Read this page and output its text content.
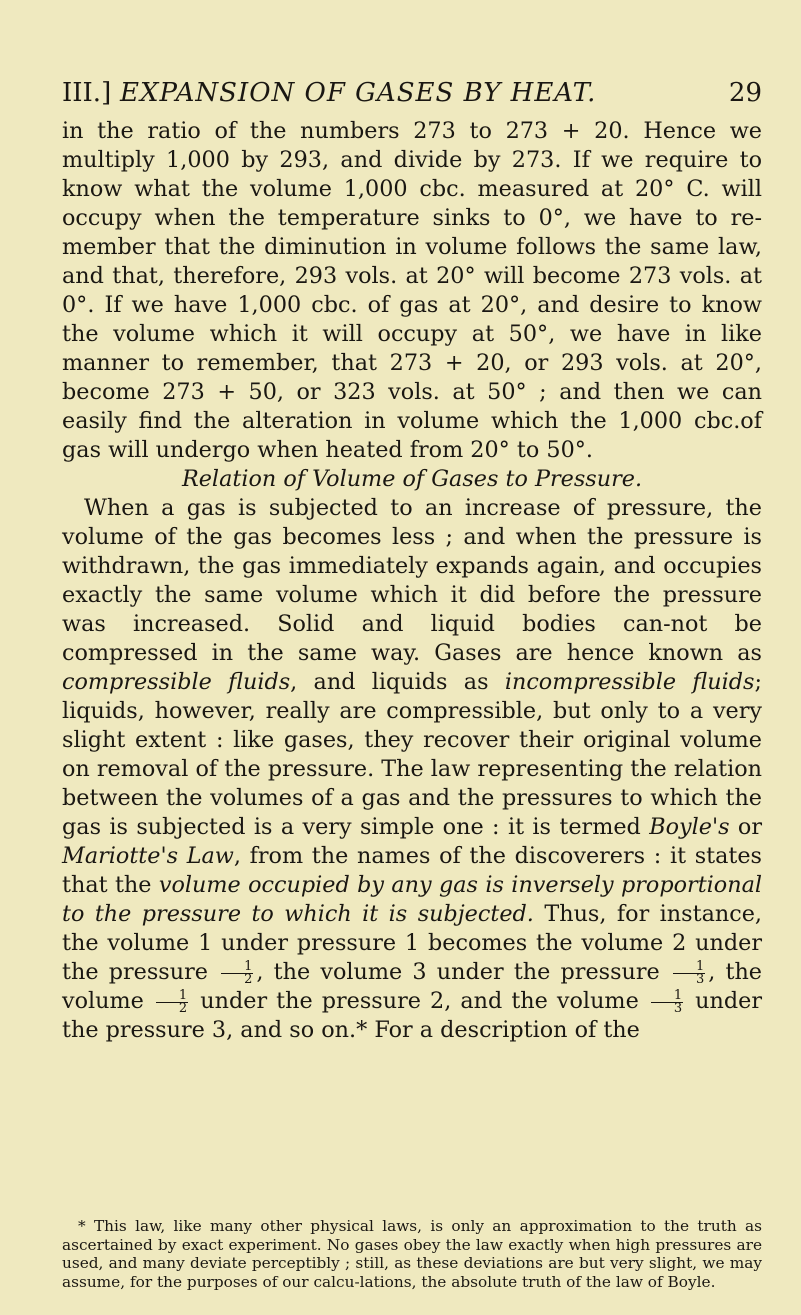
III.] EXPANSION OF GASES BY HEAT.	29

in the ratio of the numbers 273 to 273 + 20. Hence we multiply 1,000 by 293, and divide by 273. If we require to know what the volume 1,000 cbc. measured at 20° C. will occupy when the temperature sinks to 0°, we have to re-member that the diminution in volume follows the same law, and that, therefore, 293 vols. at 20° will become 273 vols. at 0°. If we have 1,000 cbc. of gas at 20°, and desire to know the volume which it will occupy at 50°, we have in like manner to remember, that 273 + 20, or 293 vols. at 20°, become 273 + 50, or 323 vols. at 50° ; and then we can easily find the alteration in volume which the 1,000 cbc.of gas will undergo when heated from 20° to 50°.

Relation of Volume of Gases to Pressure.

When a gas is subjected to an increase of pressure, the volume of the gas becomes less ; and when the pressure is withdrawn, the gas immediately expands again, and occupies exactly the same volume which it did before the pressure was increased. Solid and liquid bodies can-not be compressed in the same way. Gases are hence known as compressible fluids, and liquids as incompressible fluids; liquids, however, really are compressible, but only to a very slight extent : like gases, they recover their original volume on removal of the pressure. The law representing the relation between the volumes of a gas and the pressures to which the gas is subjected is a very simple one : it is termed Boyle's or Mariotte's Law, from the names of the discoverers : it states that the volume occupied by any gas is inversely proportional to the pressure to which it is subjected. Thus, for instance, the volume 1 under pressure 1 becomes the volume 2 under the pressure $\frac{1}{2}$ , the volume 3 under the pressure $\frac{1}{3}$ , the volume $\frac{1}{2}$ under the pressure 2, and the volume $\frac{1}{3}$ under the pressure 3, and so on.* For a description of the

* This law, like many other physical laws, is only an approximation to the truth as ascertained by exact experiment. No gases obey the law exactly when high pressures are used, and many deviate perceptibly ; still, as these deviations are but very slight, we may assume, for the purposes of our calcu-lations, the absolute truth of the law of Boyle.
